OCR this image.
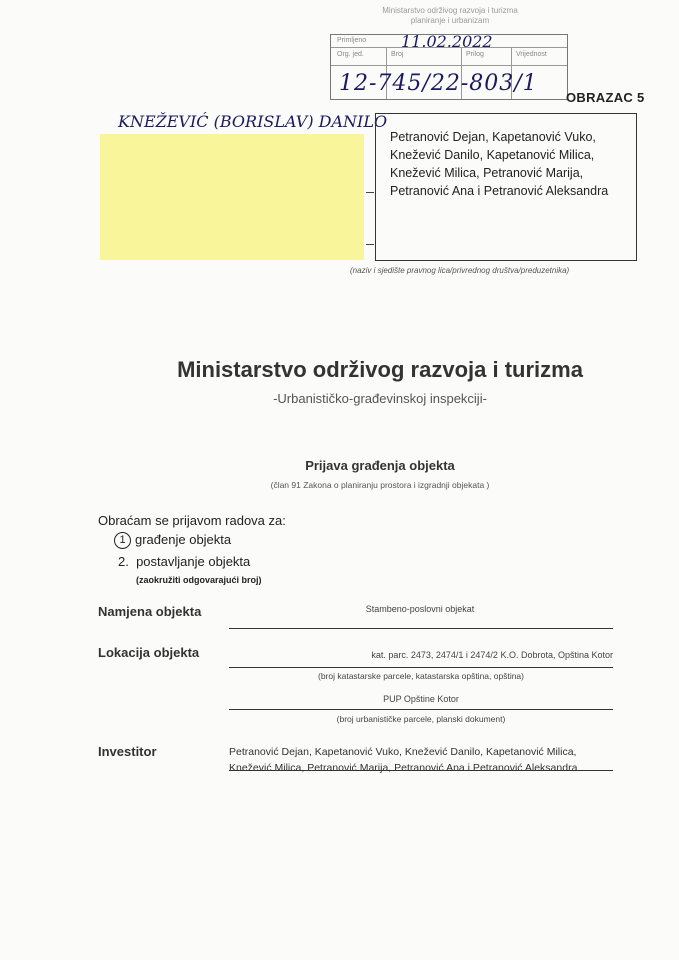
Ministarstvo održivog razvoja i turizma
planiranje i urbanizam
Primljeno 11.02.2022
Org. jed.	Broj	Prilog	Vrijednost
12-745/22-803/1
OBRAZAC 5
KNEŽEVIĆ (BORISLAV) DANILO
Petranović Dejan, Kapetanović Vuko, Knežević Danilo, Kapetanović Milica, Knežević Milica, Petranović Marija, Petranović Ana i Petranović Aleksandra
(naziv i sjedište pravnog lica/privrednog društva/preduzetnika)
Ministarstvo održivog razvoja i turizma
-Urbanističko-građevinskoj inspekciji-
Prijava građenja objekta
(član 91 Zakona o planiranju prostora i izgradnji objekata )
Obraćam se prijavom radova za:
1 građenje objekta
2. postavljanje objekta
(zaokružiti odgovarajući broj)
Namjena objekta	Stambeno-poslovni objekat
Lokacija objekta	kat. parc. 2473, 2474/1 i 2474/2 K.O. Dobrota, Opština Kotor
(broj katastarske parcele, katastarska opština, opština)
PUP Opštine Kotor
(broj urbanističke parcele, planski dokument)
Investitor	Petranović Dejan, Kapetanović Vuko, Knežević Danilo, Kapetanović Milica, Knežević Milica, Petranović Marija, Petranović Ana i Petranović Aleksandra
